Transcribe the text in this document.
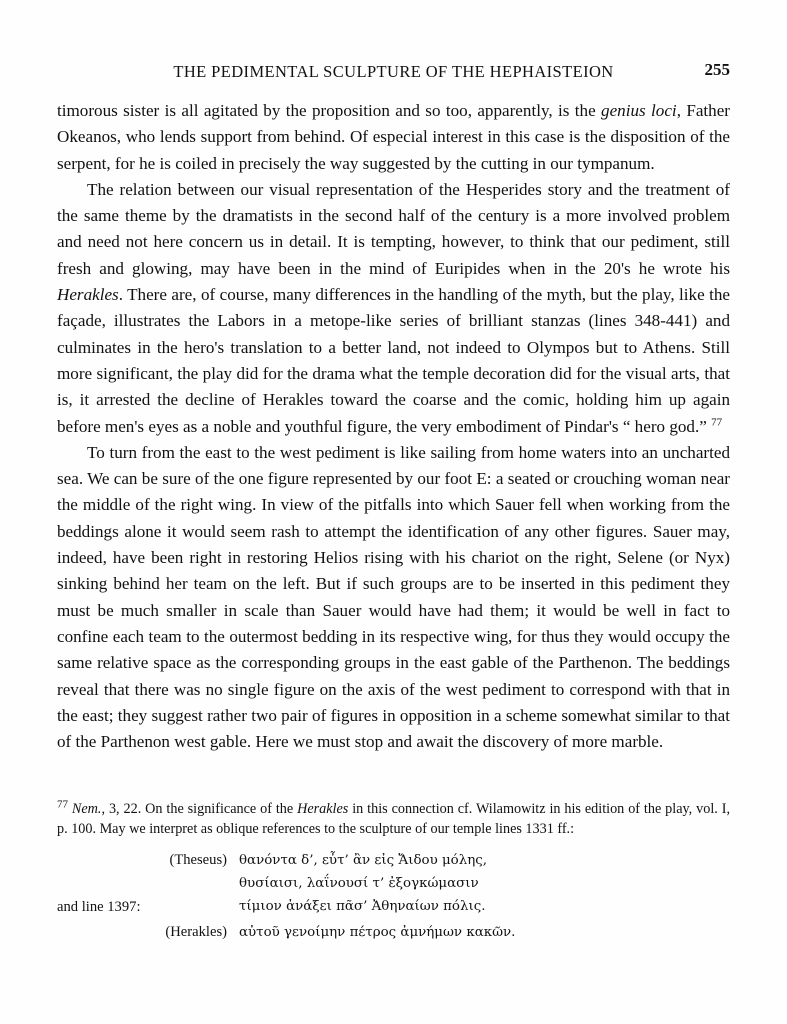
THE PEDIMENTAL SCULPTURE OF THE HEPHAISTEION	255

timorous sister is all agitated by the proposition and so too, apparently, is the genius loci, Father Okeanos, who lends support from behind. Of especial interest in this case is the disposition of the serpent, for he is coiled in precisely the way suggested by the cutting in our tympanum.

The relation between our visual representation of the Hesperides story and the treatment of the same theme by the dramatists in the second half of the century is a more involved problem and need not here concern us in detail. It is tempting, however, to think that our pediment, still fresh and glowing, may have been in the mind of Euripides when in the 20's he wrote his Herakles. There are, of course, many differences in the handling of the myth, but the play, like the façade, illustrates the Labors in a metope-like series of brilliant stanzas (lines 348-441) and culminates in the hero's translation to a better land, not indeed to Olympos but to Athens. Still more significant, the play did for the drama what the temple decoration did for the visual arts, that is, it arrested the decline of Herakles toward the coarse and the comic, holding him up again before men's eyes as a noble and youthful figure, the very embodiment of Pindar's “ hero god.” $^{77}$

To turn from the east to the west pediment is like sailing from home waters into an uncharted sea. We can be sure of the one figure represented by our foot E: a seated or crouching woman near the middle of the right wing. In view of the pitfalls into which Sauer fell when working from the beddings alone it would seem rash to attempt the identification of any other figures. Sauer may, indeed, have been right in restoring Helios rising with his chariot on the right, Selene (or Nyx) sinking behind her team on the left. But if such groups are to be inserted in this pediment they must be much smaller in scale than Sauer would have had them; it would be well in fact to confine each team to the outermost bedding in its respective wing, for thus they would occupy the same relative space as the corresponding groups in the east gable of the Parthenon. The beddings reveal that there was no single figure on the axis of the west pediment to correspond with that in the east; they suggest rather two pair of figures in opposition in a scheme somewhat similar to that of the Parthenon west gable. Here we must stop and await the discovery of more marble.

$^{77}$ Nem., 3, 22. On the significance of the Herakles in this connection cf. Wilamowitz in his edition of the play, vol. I, p. 100. May we interpret as oblique references to the sculpture of our temple lines 1331 ff.:

(Theseus) θανόντα δ’, εὖτ’ ἂν εἰς Ἄιδου μόλης,
θυσίαισι, λαΐνουσί τ’ ἐξογκώμασιν
τίμιον ἀνάξει πᾶσ’ Ἀθηναίων πόλις.
and line 1397:
(Herakles) αὐτοῦ γενοίμην πέτρος ἀμνήμων κακῶν.
